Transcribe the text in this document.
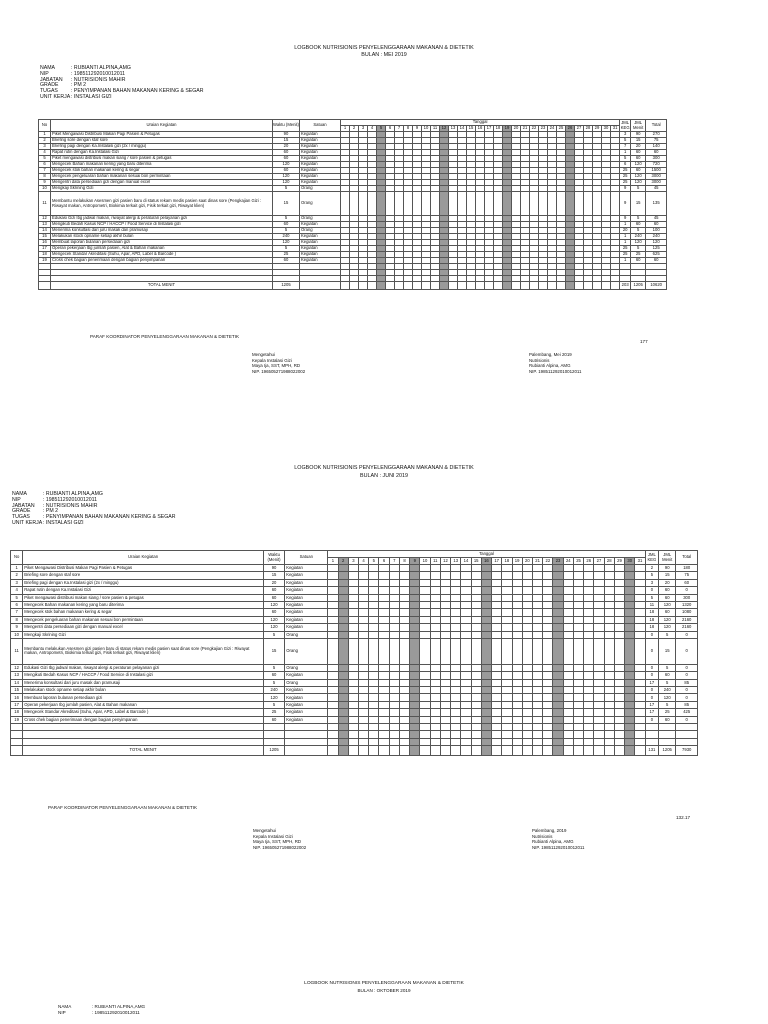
LOGBOOK NUTRISIONIS PENYELENGGARAAN MAKANAN & DIETETIK
BULAN : MEI 2019
NAMA	: RUBIANTI ALPINA,AMG
NIP	: 198511292010012011
JABATAN	: NUTRISIONIS MAHIR
GRADE	: PM 2
TUGAS	: PENYIMPANAN BAHAN MAKANAN KERING & SEGAR
UNIT KERJA : INSTALASI GIZI
No	Uraian Kegiatan	Waktu (Menit)	Satuan	Tanggal																															JML KEG	JML Menit	Total
				1	2	3	4	5	6	7	8	9	10	11	12	13	14	15	16	17	18	19	20	21	22	23	24	25	26	27	28	29	30	31			
1	Piket Mengawasi Distribusi Makan Pagi Pasien & Petugas	90	Kegiatan																																3	90	270
2	Briefing sore dengan staf sore	15	Kegiatan																																5	15	75
3	Briefing pagi dengan Ka.Instalasi gizi (2x / minggu)	20	Kegiatan																																7	20	140
4	Rapat rutin dengan Ka.Instalasi Gizi	60	Kegiatan																																1	60	60
5	Piket mengawasi distribusi makan siang / sore pasien & petugas	60	Kegiatan																																5	60	300
6	Mengecek Bahan makanan kering yang baru diterima	120	Kegiatan																																6	120	720
7	Mengecek stok bahan makanan kering & segar	60	Kegiatan																																25	60	1500
8	Mengecek pengeluaran bahan makanan sesuai bon permintaan	120	Kegiatan																																25	120	3000
9	Mengentri data persediaan gizi dengan manual excel	120	Kegiatan																																25	120	3000
10	Mengkaji Skrining Gizi	5	Orang																																9	5	45
11	Membantu melakukan Asesmen gizi pasien baru di status rekam medis pasien saat dinas sore (Pengkajian Gizi : Riwayat makan, Antropometri, Biokimia terkait gizi, Fisik terkait gizi, Riwayat klien)	15	Orang																																9	15	135
12	Edukasi Gizi Ibg jadwal makan, riwayat alergi & peraturan pelayanan gizi	5	Orang																																9	5	45
13	Mengikuti Bedah Kasus NCP / HACCP / Food Service di Instalasi gizi	60	Kegiatan																																1	60	60
14	Menerima konsultasi dari juru masak dan pramusaji	5	Orang																																20	5	100
15	Melakukan stock opname setiap akhir bulan	240	Kegiatan																																1	240	240
16	Membuat laporan bulanan persediaan gizi	120	Kegiatan																																1	120	120
17	Operan pekerjaan Ibg jumlah pasien, Alat & Bahan makanan	5	Kegiatan																																25	5	125
18	Mengecek Standar Akreditasi (Suhu, Apar, APD, Label & Barcode )	25	Kegiatan																																25	25	625
19	Cross chek bagian penerimaan dengan bagian penyimpanan	60	Kegiatan																																1	60	60

	TOTAL MENIT	1205																																	203	1205	10620
PARAF KOORDINATOR PENYELENGGARAAN MAKANAN & DIETETIK
177
Mengetahui
Kepala Instalasi Gizi
Maya Ija, SST, MPH, RD
NIP. 196505271988022002
Palembang, Mei 2019
Nutrisionis
Rubianti Alpina, AMG
NIP. 198511292010012011
LOGBOOK NUTRISIONIS PENYELENGGARAAN MAKANAN & DIETETIK
BULAN : JUNI 2019
NAMA	: RUBIANTI ALPINA,AMG
NIP	: 198511292010012011
JABATAN	: NUTRISIONIS MAHIR
GRADE	: PM 2
TUGAS	: PENYIMPANAN BAHAN MAKANAN KERING & SEGAR
UNIT KERJA : INSTALASI GIZI
No	Uraian Kegiatan	Waktu (Menit)	Satuan	Tanggal																															JML KEG	JML Menit	Total
				1	2	3	4	5	6	7	8	9	10	11	12	13	14	15	16	17	18	19	20	21	22	23	24	25	26	27	28	29	30	31			
1	Piket Mengawasi Distribusi Makan Pagi Pasien & Petugas	90	Kegiatan																																2	90	180
2	Briefing sore dengan staf sore	15	Kegiatan																																5	15	75
3	Briefing pagi dengan Ka.Instalasi gizi (2x / minggu)	20	Kegiatan																																3	20	60
4	Rapat rutin dengan Ka.Instalasi Gizi	60	Kegiatan																																0	60	0
5	Piket mengawasi distribusi makan siang / sore pasien & petugas	60	Kegiatan																																5	60	300
6	Mengecek Bahan makanan kering yang baru diterima	120	Kegiatan																																11	120	1320
7	Mengecek stok bahan makanan kering & segar	60	Kegiatan																																18	60	1080
8	Mengecek pengeluaran bahan makanan sesuai bon permintaan	120	Kegiatan																																18	120	2160
9	Mengentri data persediaan gizi dengan manual excel	120	Kegiatan																																18	120	2160
10	Mengkaji Skrining Gizi	5	Orang																																0	5	0
11	Membantu melakukan Asesmen gizi pasien baru di status rekam medis pasien saat dinas sore (Pengkajian Gizi : Riwayat makan, Antropometri, Biokimia terkait gizi, Fisik terkait gizi, Riwayat klien)	15	Orang																																0	15	0
12	Edukasi Gizi Ibg jadwal makan, riwayat alergi & peraturan pelayanan gizi	5	Orang																																0	5	0
13	Mengikuti Bedah Kasus NCP / HACCP / Food Service di Instalasi gizi	60	Kegiatan																																0	60	0
14	Menerima konsultasi dari juru masak dan pramusaji	5	Orang																																17	5	85
15	Melakukan stock opname setiap akhir bulan	240	Kegiatan																																0	240	0
16	Membuat laporan bulanan persediaan gizi	120	Kegiatan																																0	120	0
17	Operan pekerjaan Ibg jumlah pasien, Alat & Bahan makanan	5	Kegiatan																																17	5	85
18	Mengecek Standar Akreditasi (Suhu, Apar, APD, Label & Barcode )	25	Kegiatan																																17	25	425
19	Cross chek bagian penerimaan dengan bagian penyimpanan	60	Kegiatan																																0	60	0

	TOTAL MENIT	1205																																	131	1205	7930
PARAF KOORDINATOR PENYELENGGARAAN MAKANAN & DIETETIK
132.17
Mengetahui
Kepala Instalasi Gizi
Maya Ija, SST, MPH, RD
NIP. 196505271988022002
Palembang, 2019
Nutrisionis
Rubianti Alpina, AMG
NIP. 198511292010012011
LOGBOOK NUTRISIONIS PENYELENGGARAAN MAKANAN & DIETETIK
BULAN : OKTOBER 2019
NAMA	: RUBIANTI ALPINA,AMG
NIP	: 198511292010012011
